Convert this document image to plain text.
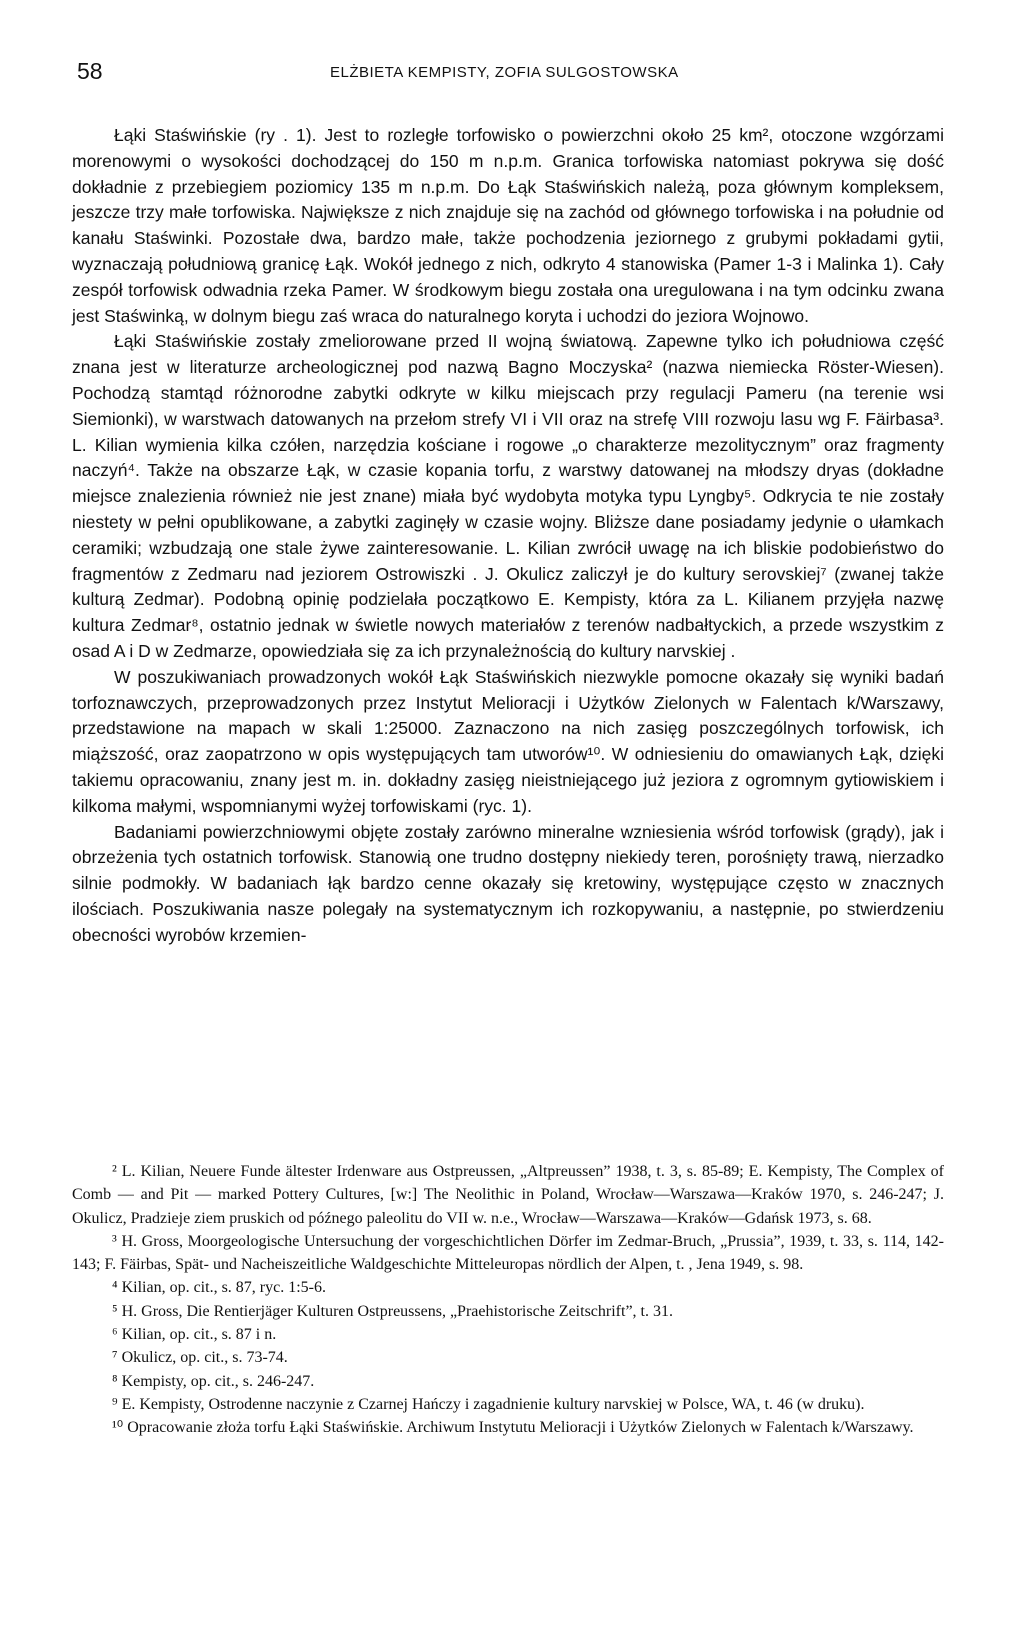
58	ELŻBIETA KEMPISTY, ZOFIA SULGOSTOWSKA

Łąki Staświńskie (ry . 1). Jest to rozległe torfowisko o powierzchni około 25 km², otoczone wzgórzami morenowymi o wysokości dochodzącej do 150 m n.p.m. Granica torfowiska natomiast pokrywa się dość dokładnie z przebiegiem poziomicy 135 m n.p.m. Do Łąk Staświńskich należą, poza głównym kompleksem, jeszcze trzy małe torfowiska. Największe z nich znajduje się na zachód od głównego torfowiska i na południe od kanału Staświnki. Pozostałe dwa, bardzo małe, także pochodzenia jeziornego z grubymi pokładami gytii, wyznaczają południową granicę Łąk. Wokół jednego z nich, odkryto 4 stanowiska (Pamer 1-3 i Malinka 1). Cały zespół torfowisk odwadnia rzeka Pamer. W środkowym biegu została ona uregulowana i na tym odcinku zwana jest Staświnką, w dolnym biegu zaś wraca do naturalnego koryta i uchodzi do jeziora Wojnowo.

Łąki Staświńskie zostały zmeliorowane przed II wojną światową. Zapewne tylko ich południowa część znana jest w literaturze archeologicznej pod nazwą Bagno Moczyska² (nazwa niemiecka Röster-Wiesen). Pochodzą stamtąd różnorodne zabytki odkryte w kilku miejscach przy regulacji Pameru (na terenie wsi Siemionki), w warstwach datowanych na przełom strefy VI i VII oraz na strefę VIII rozwoju lasu wg F. Fäirbasa³. L. Kilian wymienia kilka czółen, narzędzia kościane i rogowe „o charakterze mezolitycznym” oraz fragmenty naczyń⁴. Także na obszarze Łąk, w czasie kopania torfu, z warstwy datowanej na młodszy dryas (dokładne miejsce znalezienia również nie jest znane) miała być wydobyta motyka typu Lyngby⁵. Odkrycia te nie zostały niestety w pełni opublikowane, a zabytki zaginęły w czasie wojny. Bliższe dane posiadamy jedynie o ułamkach ceramiki; wzbudzają one stale żywe zainteresowanie. L. Kilian zwrócił uwagę na ich bliskie podobieństwo do fragmentów z Zedmaru nad jeziorem Ostrowiszki . J. Okulicz zaliczył je do kultury serovskiej⁷ (zwanej także kulturą Zedmar). Podobną opinię podzielała początkowo E. Kempisty, która za L. Kilianem przyjęła nazwę kultura Zedmar⁸, ostatnio jednak w świetle nowych materiałów z terenów nadbałtyckich, a przede wszystkim z osad A i D w Zedmarze, opowiedziała się za ich przynależnością do kultury narvskiej .

W poszukiwaniach prowadzonych wokół Łąk Staświńskich niezwykle pomocne okazały się wyniki badań torfoznawczych, przeprowadzonych przez Instytut Melioracji i Użytków Zielonych w Falentach k/Warszawy, przedstawione na mapach w skali 1:25000. Zaznaczono na nich zasięg poszczególnych torfowisk, ich miąższość, oraz zaopatrzono w opis występujących tam utworów¹⁰. W odniesieniu do omawianych Łąk, dzięki takiemu opracowaniu, znany jest m. in. dokładny zasięg nieistniejącego już jeziora z ogromnym gytiowiskiem i kilkoma małymi, wspomnianymi wyżej torfowiskami (ryc. 1).

Badaniami powierzchniowymi objęte zostały zarówno mineralne wzniesienia wśród torfowisk (grądy), jak i obrzeżenia tych ostatnich torfowisk. Stanowią one trudno dostępny niekiedy teren, porośnięty trawą, nierzadko silnie podmokły. W badaniach łąk bardzo cenne okazały się kretowiny, występujące często w znacznych ilościach. Poszukiwania nasze polegały na systematycznym ich rozkopywaniu, a następnie, po stwierdzeniu obecności wyrobów krzemien-

² L. Kilian, Neuere Funde ältester Irdenware aus Ostpreussen, „Altpreussen” 1938, t. 3, s. 85-89; E. Kempisty, The Complex of Comb — and Pit — marked Pottery Cultures, [w:] The Neolithic in Poland, Wrocław—Warszawa—Kraków 1970, s. 246-247; J. Okulicz, Pradzieje ziem pruskich od późnego paleolitu do VII w. n.e., Wrocław—Warszawa—Kraków—Gdańsk 1973, s. 68.

³ H. Gross, Moorgeologische Untersuchung der vorgeschichtlichen Dörfer im Zedmar-Bruch, „Prussia”, 1939, t. 33, s. 114, 142-143; F. Fäirbas, Spät- und Nacheiszeitliche Waldgeschichte Mitteleuropas nördlich der Alpen, t. , Jena 1949, s. 98.

⁴ Kilian, op. cit., s. 87, ryc. 1:5-6.

⁵ H. Gross, Die Rentierjäger Kulturen Ostpreussens, „Praehistorische Zeitschrift”, t. 31.

⁶ Kilian, op. cit., s. 87 i n.

⁷ Okulicz, op. cit., s. 73-74.

⁸ Kempisty, op. cit., s. 246-247.

⁹ E. Kempisty, Ostrodenne naczynie z Czarnej Hańczy i zagadnienie kultury narvskiej w Polsce, WA, t. 46 (w druku).

¹⁰ Opracowanie złoża torfu Łąki Staświńskie. Archiwum Instytutu Melioracji i Użytków Zielonych w Falentach k/Warszawy.
